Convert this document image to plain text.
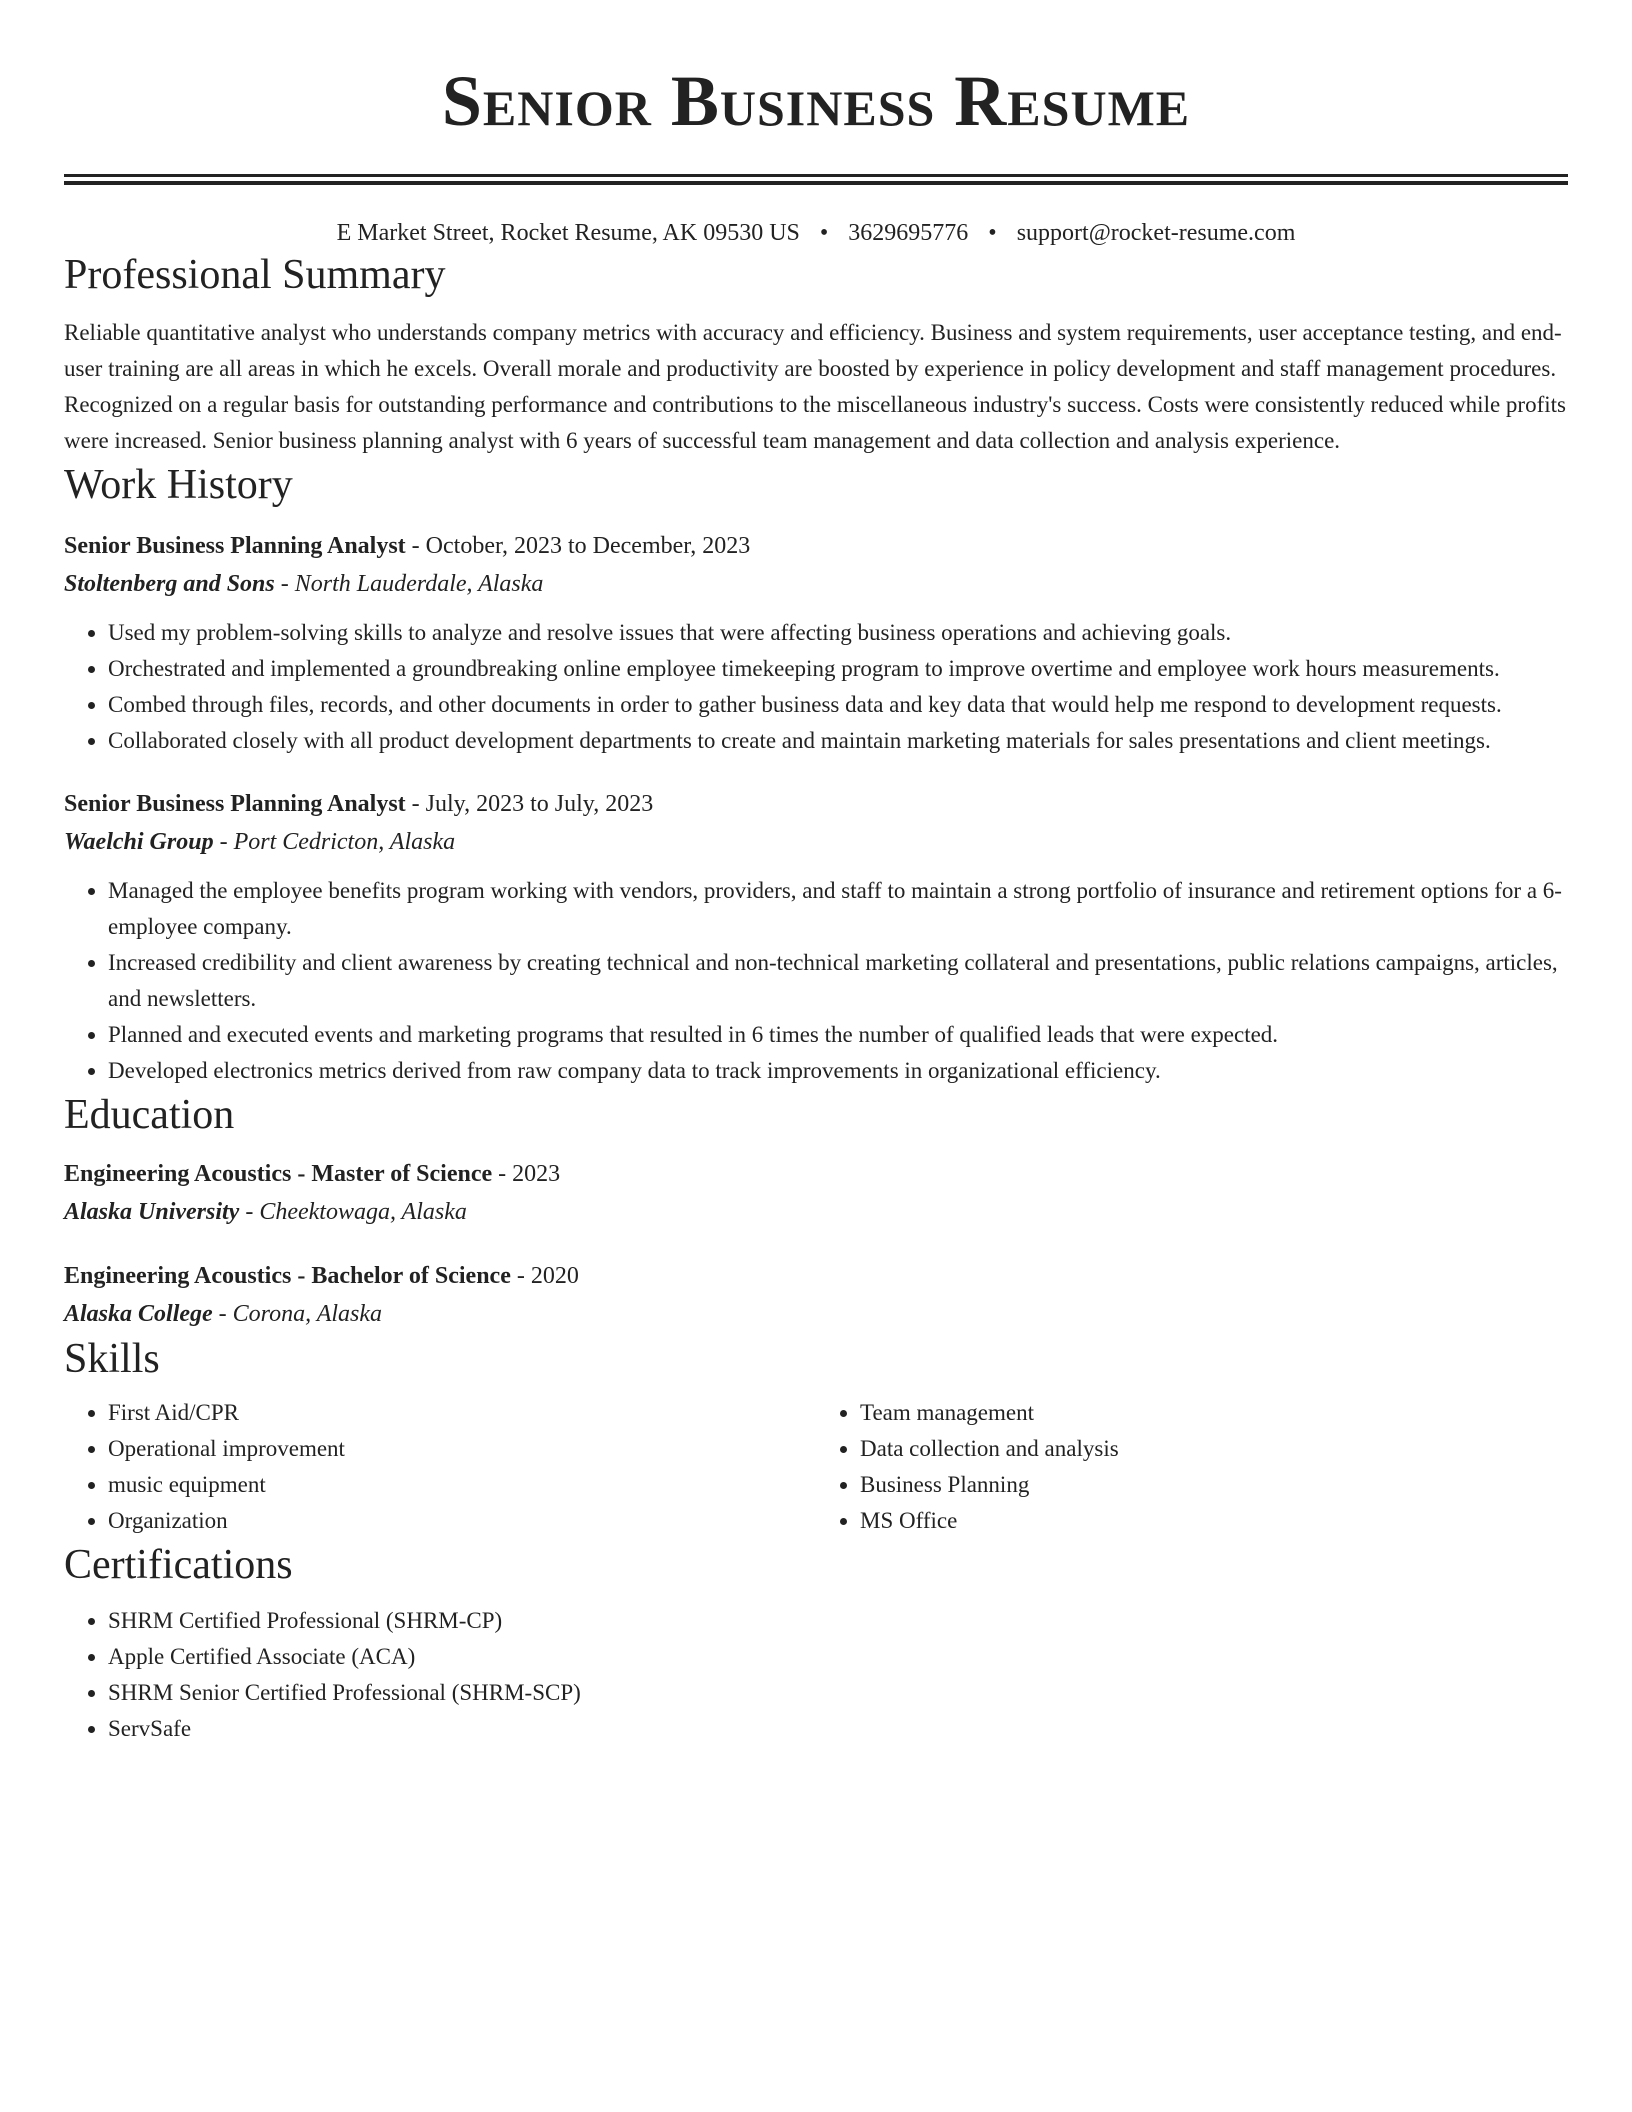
Senior Business Resume
E Market Street, Rocket Resume, AK 09530 US • 3629695776 • support@rocket-resume.com
Professional Summary

Reliable quantitative analyst who understands company metrics with accuracy and efficiency. Business and system requirements, user acceptance testing, and end-user training are all areas in which he excels. Overall morale and productivity are boosted by experience in policy development and staff management procedures. Recognized on a regular basis for outstanding performance and contributions to the miscellaneous industry's success. Costs were consistently reduced while profits were increased. Senior business planning analyst with 6 years of successful team management and data collection and analysis experience.

Work History
Senior Business Planning Analyst - October, 2023 to December, 2023
Stoltenberg and Sons - North Lauderdale, Alaska
• Used my problem-solving skills to analyze and resolve issues that were affecting business operations and achieving goals.
• Orchestrated and implemented a groundbreaking online employee timekeeping program to improve overtime and employee work hours measurements.
• Combed through files, records, and other documents in order to gather business data and key data that would help me respond to development requests.
• Collaborated closely with all product development departments to create and maintain marketing materials for sales presentations and client meetings.
Senior Business Planning Analyst - July, 2023 to July, 2023
Waelchi Group - Port Cedricton, Alaska
• Managed the employee benefits program working with vendors, providers, and staff to maintain a strong portfolio of insurance and retirement options for a 6-employee company.
• Increased credibility and client awareness by creating technical and non-technical marketing collateral and presentations, public relations campaigns, articles, and newsletters.
• Planned and executed events and marketing programs that resulted in 6 times the number of qualified leads that were expected.
• Developed electronics metrics derived from raw company data to track improvements in organizational efficiency.
Education
Engineering Acoustics - Master of Science - 2023
Alaska University - Cheektowaga, Alaska
Engineering Acoustics - Bachelor of Science - 2020
Alaska College - Corona, Alaska
Skills
• First Aid/CPR
• Operational improvement
• music equipment
• Organization
• Team management
• Data collection and analysis
• Business Planning
• MS Office
Certifications
• SHRM Certified Professional (SHRM-CP)
• Apple Certified Associate (ACA)
• SHRM Senior Certified Professional (SHRM-SCP)
• ServSafe
